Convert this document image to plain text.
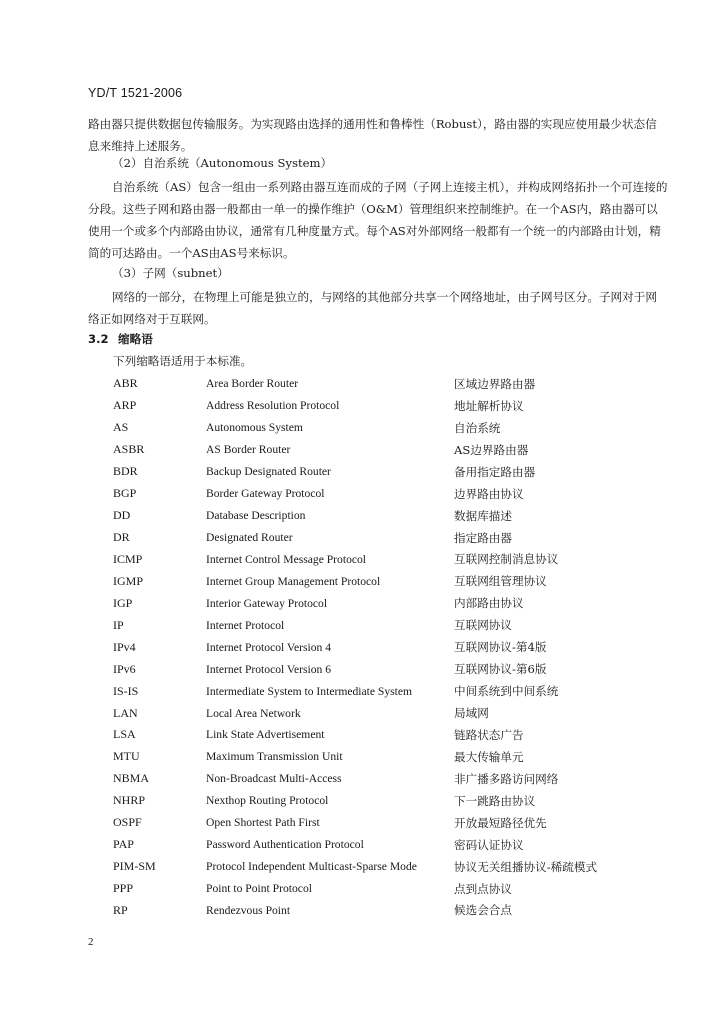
YD/T 1521-2006
路由器只提供数据包传输服务。为实现路由选择的通用性和鲁棒性（Robust），路由器的实现应使用最少状态信息来维持上述服务。
（2）自治系统（Autonomous System）
自治系统（AS）包含一组由一系列路由器互连而成的子网（子网上连接主机），并构成网络拓扑一个可连接的分段。这些子网和路由器一般都由一单一的操作维护（O&M）管理组织来控制维护。在一个AS内，路由器可以使用一个或多个内部路由协议，通常有几种度量方式。每个AS对外部网络一般都有一个统一的内部路由计划，精简的可达路由。一个AS由AS号来标识。
（3）子网（subnet）
网络的一部分，在物理上可能是独立的，与网络的其他部分共享一个网络地址，由子网号区分。子网对于网络正如网络对于互联网。
3.2 缩略语
下列缩略语适用于本标准。
ABR	Area Border Router	区域边界路由器
ARP	Address Resolution Protocol	地址解析协议
AS	Autonomous System	自治系统
ASBR	AS Border Router	AS边界路由器
BDR	Backup Designated Router	备用指定路由器
BGP	Border Gateway Protocol	边界路由协议
DD	Database Description	数据库描述
DR	Designated Router	指定路由器
ICMP	Internet Control Message Protocol	互联网控制消息协议
IGMP	Internet Group Management Protocol	互联网组管理协议
IGP	Interior Gateway Protocol	内部路由协议
IP	Internet Protocol	互联网协议
IPv4	Internet Protocol Version 4	互联网协议-第4版
IPv6	Internet Protocol Version 6	互联网协议-第6版
IS-IS	Intermediate System to Intermediate System	中间系统到中间系统
LAN	Local Area Network	局域网
LSA	Link State Advertisement	链路状态广告
MTU	Maximum Transmission Unit	最大传输单元
NBMA	Non-Broadcast Multi-Access	非广播多路访问网络
NHRP	Nexthop Routing Protocol	下一跳路由协议
OSPF	Open Shortest Path First	开放最短路径优先
PAP	Password Authentication Protocol	密码认证协议
PIM-SM	Protocol Independent Multicast-Sparse Mode	协议无关组播协议-稀疏模式
PPP	Point to Point Protocol	点到点协议
RP	Rendezvous Point	候选会合点
2
